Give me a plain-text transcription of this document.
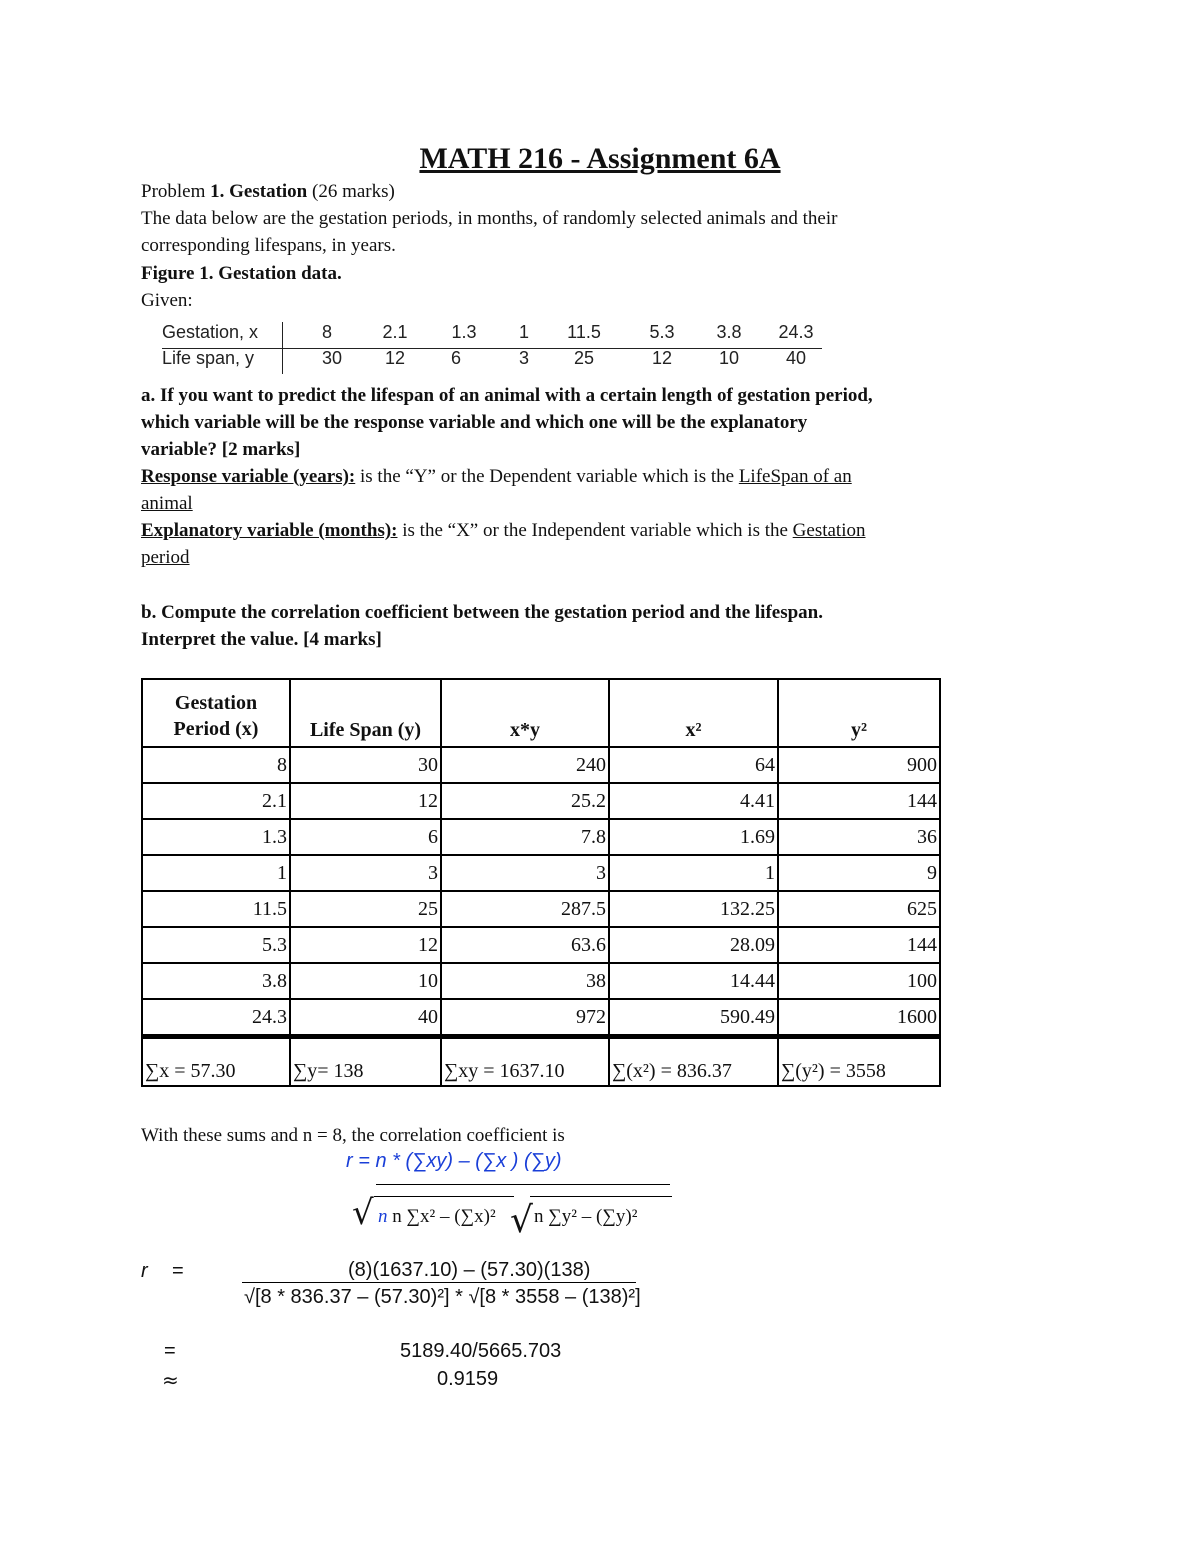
MATH 216 - Assignment 6A
Problem 1. Gestation (26 marks)
The data below are the gestation periods, in months, of randomly selected animals and their
corresponding lifespans, in years.
Figure 1. Gestation data.
Given:
Gestation, x	8	2.1	1.3	1	11.5	5.3	3.8	24.3
Life span, y	30	12	6	3	25	12	10	40
a. If you want to predict the lifespan of an animal with a certain length of gestation period,
which variable will be the response variable and which one will be the explanatory
variable? [2 marks]
Response variable (years): is the “Y” or the Dependent variable which is the LifeSpan of an
animal
Explanatory variable (months): is the “X” or the Independent variable which is the Gestation
period
b. Compute the correlation coefficient between the gestation period and the lifespan.
Interpret the value. [4 marks]
Gestation
Period (x)	Life Span (y)	x*y	x²	y²
8	30	240	64	900
2.1	12	25.2	4.41	144
1.3	6	7.8	1.69	36
1	3	3	1	9
11.5	25	287.5	132.25	625
5.3	12	63.6	28.09	144
3.8	10	38	14.44	100
24.3	40	972	590.49	1600
∑x = 57.30	∑y= 138	∑xy = 1637.10	∑(x²) = 836.37	∑(y²) = 3558
With these sums and n = 8, the correlation coefficient is
r = n * (∑xy) – (∑x ) (∑y)
√ n n ∑x² – (∑x)² √ n ∑y² – (∑y)²
r =	(8)(1637.10) – (57.30)(138)
√[8 * 836.37 – (57.30)²] * √[8 * 3558 – (138)²]
=	5189.40/5665.703
≈	0.9159
